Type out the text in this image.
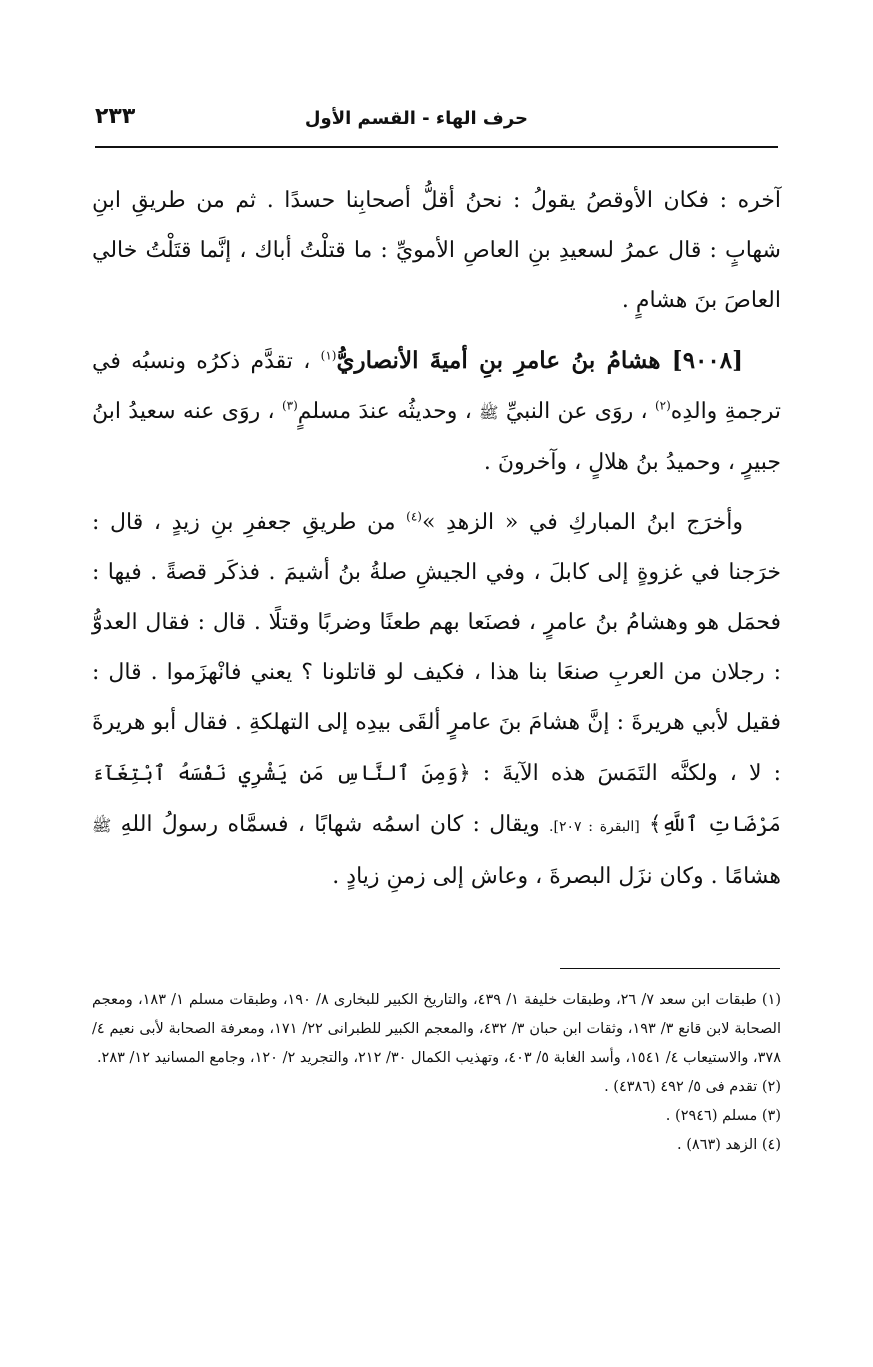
حرف الهاء - القسم الأول
٢٣٣

آخره : فكان الأوقصُ يقولُ : نحنُ أقلُّ أصحابِنا حسدًا . ثم من طريقِ ابنِ شهابٍ : قال عمرُ لسعيدِ بنِ العاصِ الأمويِّ : ما قتلْتُ أباك ، إنَّما قتَلْتُ خالي العاصَ بنَ هشامٍ .

[٩٠٠٨] هشامُ بنُ عامرِ بنِ أميةَ الأنصاريُّ$^{(١)}$ ، تقدَّم ذكرُه ونسبُه في ترجمةِ والدِه$^{(٢)}$ ، روَى عن النبيِّ ﷺ ، وحديثُه عندَ مسلمٍ$^{(٣)}$ ، روَى عنه سعيدُ ابنُ جبيرٍ ، وحميدُ بنُ هلالٍ ، وآخرونَ .

وأخرَج ابنُ المباركِ في « الزهدِ »$^{(٤)}$ من طريقِ جعفرِ بنِ زيدٍ ، قال : خرَجنا في غزوةٍ إلى كابلَ ، وفي الجيشِ صلةُ بنُ أشيمَ . فذكَر قصةً . فيها : فحمَل هو وهشامُ بنُ عامرٍ ، فصنَعا بهم طعنًا وضربًا وقتلًا . قال : فقال العدوُّ : رجلان من العربِ صنعَا بنا هذا ، فكيف لو قاتلونا ؟ يعني فانْهزَموا . قال : فقيل لأبي هريرةَ : إنَّ هشامَ بنَ عامرٍ ألقَى بيدِه إلى التهلكةِ . فقال أبو هريرةَ : لا ، ولكنَّه التَمَسَ هذه الآيةَ : ﴿وَمِنَ ٱلنَّاسِ مَن يَشْرِي نَفْسَهُ ٱبْتِغَآءَ مَرْضَاتِ ٱللَّهِ﴾ [البقرة : ٢٠٧]. ويقال : كان اسمُه شهابًا ، فسمَّاه رسولُ اللهِ ﷺ هشامًا . وكان نزَل البصرةَ ، وعاش إلى زمنِ زيادٍ .

(١) طبقات ابن سعد ٧/ ٢٦، وطبقات خليفة ١/ ٤٣٩، والتاريخ الكبير للبخارى ٨/ ١٩٠، وطبقات مسلم ١/ ١٨٣، ومعجم الصحابة لابن قانع ٣/ ١٩٣، وثقات ابن حبان ٣/ ٤٣٢، والمعجم الكبير للطبرانى ٢٢/ ١٧١، ومعرفة الصحابة لأبى نعيم ٤/ ٣٧٨، والاستيعاب ٤/ ١٥٤١، وأسد الغابة ٥/ ٤٠٣، وتهذيب الكمال ٣٠/ ٢١٢، والتجريد ٢/ ١٢٠، وجامع المسانيد ١٢/ ٢٨٣.

(٢) تقدم فى ٥/ ٤٩٢ (٤٣٨٦) .

(٣) مسلم (٢٩٤٦) .

(٤) الزهد (٨٦٣) .
